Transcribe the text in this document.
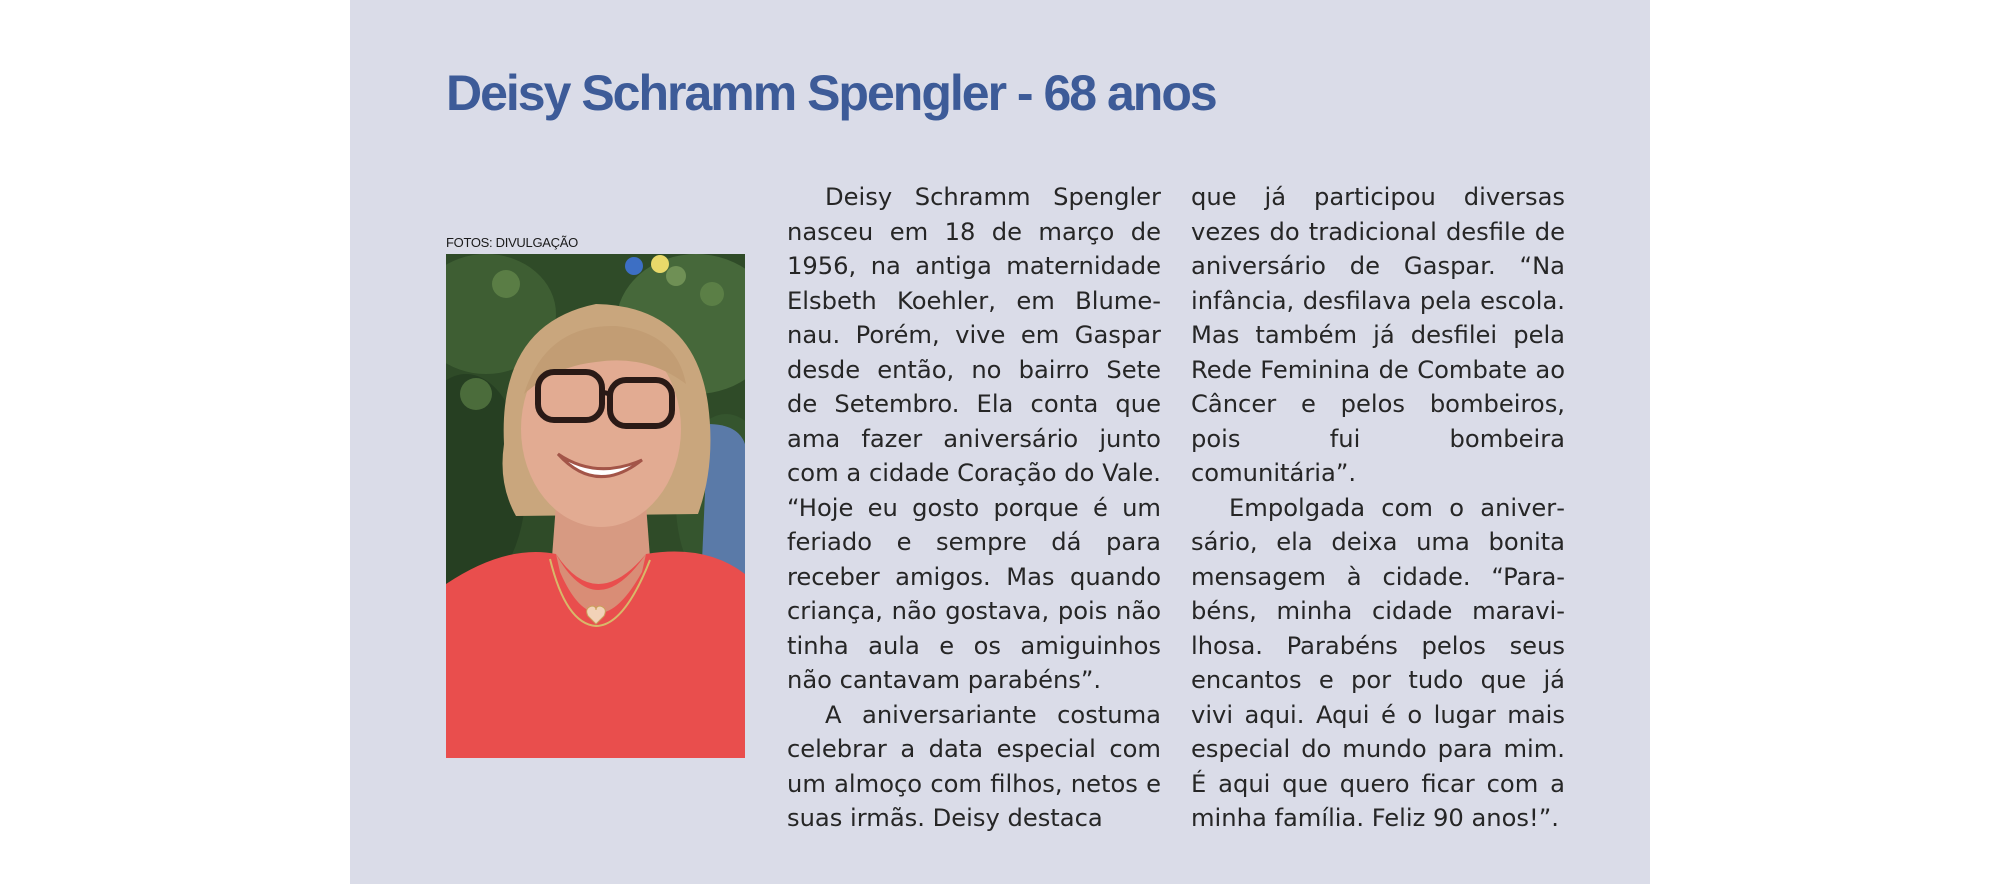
Deisy Schramm Spengler - 68 anos
FOTOS: DIVULGAÇÃO

Deisy Schramm Spengler nasceu em 18 de março de 1956, na antiga maternidade Elsbeth Koehler, em Blumenau. Porém, vive em Gaspar desde então, no bairro Sete de Setembro. Ela conta que ama fazer aniversário junto com a cidade Coração do Vale. “Hoje eu gosto porque é um feriado e sempre dá para receber amigos. Mas quando criança, não gostava, pois não tinha aula e os amiguinhos não cantavam parabéns”.

A aniversariante costuma celebrar a data especial com um almoço com filhos, netos e suas irmãs. Deisy destaca

que já participou diversas vezes do tradicional desfile de aniversário de Gaspar. “Na infância, desfilava pela escola. Mas também já desfilei pela Rede Feminina de Combate ao Câncer e pelos bombeiros, pois fui bombeira comunitária”.

Empolgada com o aniversário, ela deixa uma bonita mensagem à cidade. “Parabéns, minha cidade maravilhosa. Parabéns pelos seus encantos e por tudo que já vivi aqui. Aqui é o lugar mais especial do mundo para mim. É aqui que quero ficar com a minha família. Feliz 90 anos!”.
